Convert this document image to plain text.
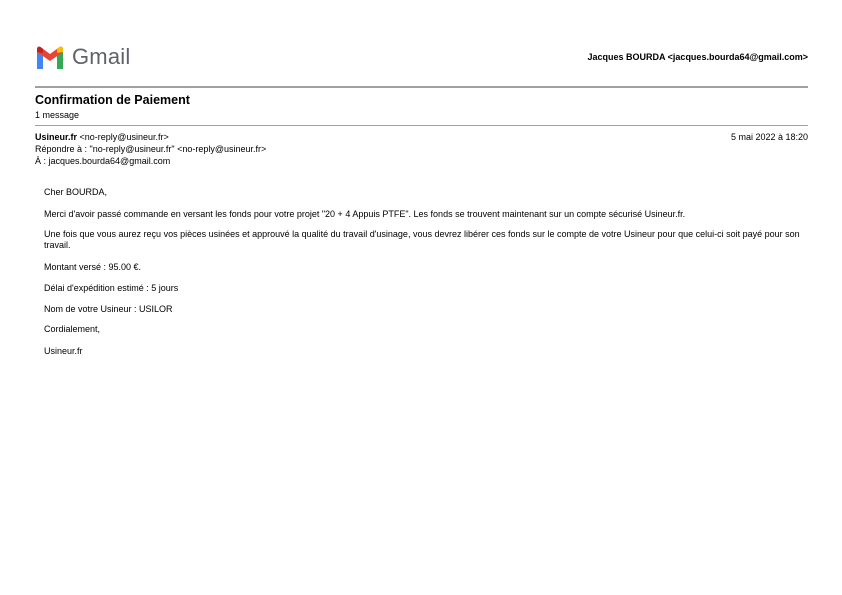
Gmail	Jacques BOURDA <jacques.bourda64@gmail.com>
Confirmation de Paiement
1 message
Usineur.fr <no-reply@usineur.fr>	5 mai 2022 à 18:20
Répondre à : "no-reply@usineur.fr" <no-reply@usineur.fr>
À : jacques.bourda64@gmail.com

Cher BOURDA,

Merci d'avoir passé commande en versant les fonds pour votre projet "20 + 4 Appuis PTFE". Les fonds se trouvent maintenant sur un compte sécurisé Usineur.fr.

Une fois que vous aurez reçu vos pièces usinées et approuvé la qualité du travail d'usinage, vous devrez libérer ces fonds sur le compte de votre Usineur pour que celui-ci soit payé pour son travail.

Montant versé : 95.00 €.

Délai d'expédition estimé : 5 jours

Nom de votre Usineur : USILOR

Cordialement,

Usineur.fr
